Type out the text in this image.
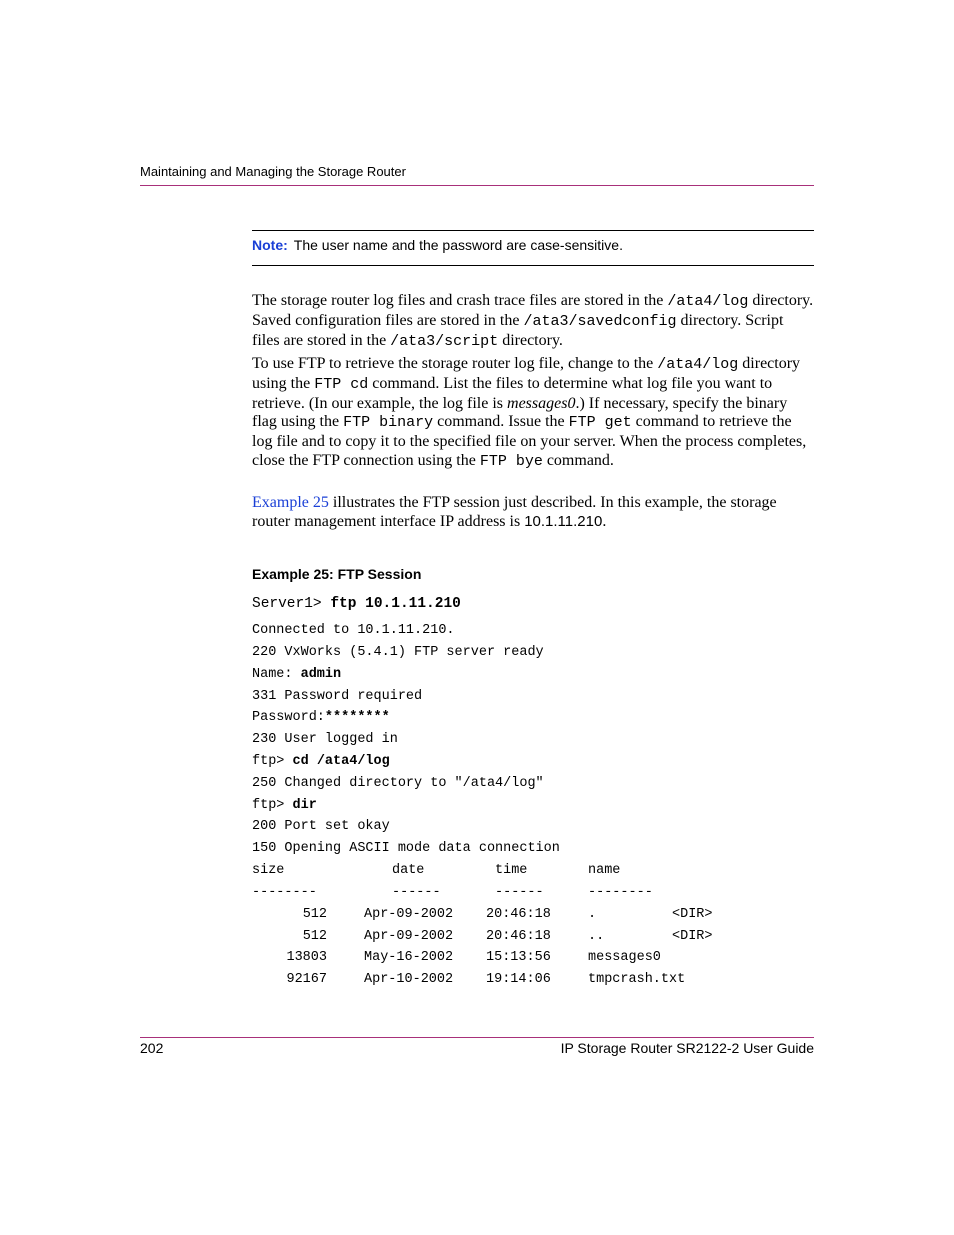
Maintaining and Managing the Storage Router
Note: The user name and the password are case-sensitive.

The storage router log files and crash trace files are stored in the /ata4/log directory. Saved configuration files are stored in the /ata3/savedconfig directory. Script files are stored in the /ata3/script directory.

To use FTP to retrieve the storage router log file, change to the /ata4/log directory using the FTP cd command. List the files to determine what log file you want to retrieve. (In our example, the log file is messages0.) If necessary, specify the binary flag using the FTP binary command. Issue the FTP get command to retrieve the log file and to copy it to the specified file on your server. When the process completes, close the FTP connection using the FTP bye command.

Example 25 illustrates the FTP session just described. In this example, the storage router management interface IP address is 10.1.11.210.

Example 25: FTP Session
Server1> ftp 10.1.11.210
Connected to 10.1.11.210.
220 VxWorks (5.4.1) FTP server ready
Name: admin
331 Password required
Password:********
230 User logged in
ftp> cd /ata4/log
250 Changed directory to "/ata4/log"
ftp> dir
200 Port set okay
150 Opening ASCII mode data connection
size	date	time	name
--------	------	------	--------
512	Apr-09-2002 20:46:18	.	<DIR>
512	Apr-09-2002 20:46:18	..	<DIR>
13803	May-16-2002 15:13:56	messages0
92167	Apr-10-2002 19:14:06	tmpcrash.txt
202	IP Storage Router SR2122-2 User Guide
